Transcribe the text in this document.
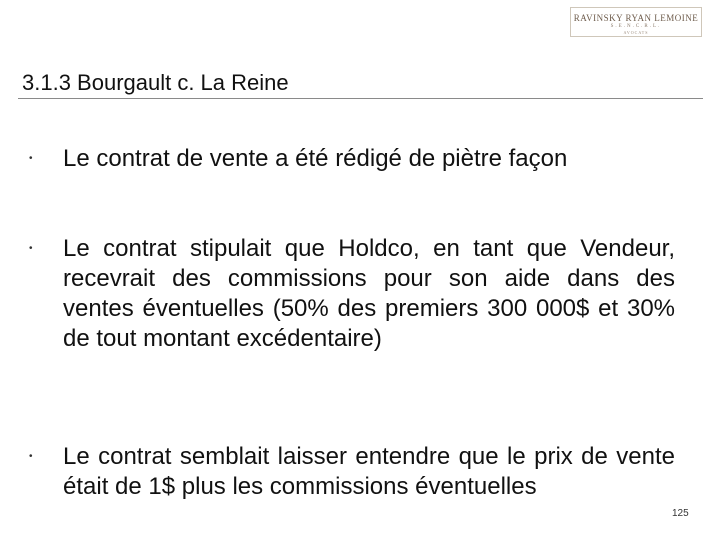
RAVINSKY RYAN LEMOINE
S.E.N.C.R.L.
AVOCATS
3.1.3 Bourgault c. La Reine
• Le contrat de vente a été rédigé de piètre façon
• Le contrat stipulait que Holdco, en tant que Vendeur, recevrait des commissions pour son aide dans des ventes éventuelles (50% des premiers 300 000$ et 30% de tout montant excédentaire)
• Le contrat semblait laisser entendre que le prix de vente était de 1$ plus les commissions éventuelles
125
